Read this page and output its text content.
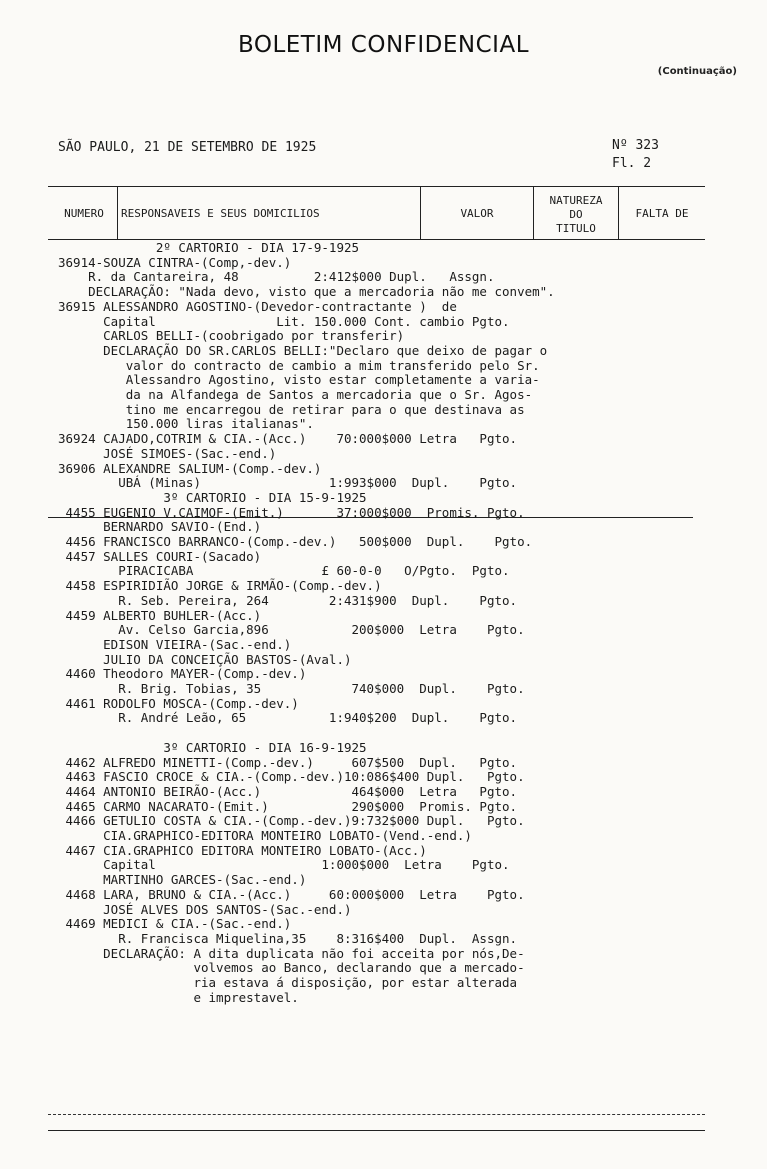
BOLETIM CONFIDENCIAL
(Continuação)
SÃO PAULO, 21 DE SETEMBRO DE 1925	Nº 323
Fl. 2
NUMERO	RESPONSAVEIS E SEUS DOMICILIOS	VALOR
NATUREZA
DO
TITULO
FALTA DE
2º CARTORIO - DIA 17-9-1925
36914-SOUZA CINTRA-(Comp,-dev.)
R. da Cantareira, 48          2:412$000 Dupl.   Assgn.
DECLARAÇÃO: "Nada devo, visto que a mercadoria não me convem".
36915 ALESSANDRO AGOSTINO-(Devedor-contractante )  de
Capital                Lit. 150.000 Cont. cambio Pgto.
CARLOS BELLI-(coobrigado por transferir)
DECLARAÇÃO DO SR.CARLOS BELLI:"Declaro que deixo de pagar o
valor do contracto de cambio a mim transferido pelo Sr.
Alessandro Agostino, visto estar completamente a varia-
da na Alfandega de Santos a mercadoria que o Sr. Agos-
tino me encarregou de retirar para o que destinava as
150.000 liras italianas".
36924 CAJADO,COTRIM & CIA.-(Acc.)    70:000$000 Letra   Pgto.
JOSÉ SIMOES-(Sac.-end.)
36906 ALEXANDRE SALIUM-(Comp.-dev.)
UBÁ (Minas)                 1:993$000  Dupl.    Pgto.
3º CARTORIO - DIA 15-9-1925
4455 EUGENIO V.CAIMOF-(Emit.)       37:000$000  Promis. Pgto.
BERNARDO SAVIO-(End.)
4456 FRANCISCO BARRANCO-(Comp.-dev.)   500$000  Dupl.    Pgto.
4457 SALLES COURI-(Sacado)
PIRACICABA                 £ 60-0-0   O/Pgto.  Pgto.
4458 ESPIRIDIÃO JORGE & IRMÃO-(Comp.-dev.)
R. Seb. Pereira, 264        2:431$900  Dupl.    Pgto.
4459 ALBERTO BUHLER-(Acc.)
Av. Celso Garcia,896           200$000  Letra    Pgto.
EDISON VIEIRA-(Sac.-end.)
JULIO DA CONCEIÇÃO BASTOS-(Aval.)
4460 Theodoro MAYER-(Comp.-dev.)
R. Brig. Tobias, 35            740$000  Dupl.    Pgto.
4461 RODOLFO MOSCA-(Comp.-dev.)
R. André Leão, 65           1:940$200  Dupl.    Pgto.
3º CARTORIO - DIA 16-9-1925
4462 ALFREDO MINETTI-(Comp.-dev.)     607$500  Dupl.   Pgto.
4463 FASCIO CROCE & CIA.-(Comp.-dev.)10:086$400 Dupl.   Pgto.
4464 ANTONIO BEIRÃO-(Acc.)            464$000  Letra   Pgto.
4465 CARMO NACARATO-(Emit.)           290$000  Promis. Pgto.
4466 GETULIO COSTA & CIA.-(Comp.-dev.)9:732$000 Dupl.   Pgto.
CIA.GRAPHICO-EDITORA MONTEIRO LOBATO-(Vend.-end.)
4467 CIA.GRAPHICO EDITORA MONTEIRO LOBATO-(Acc.)
Capital                      1:000$000  Letra    Pgto.
MARTINHO GARCES-(Sac.-end.)
4468 LARA, BRUNO & CIA.-(Acc.)     60:000$000  Letra    Pgto.
JOSÉ ALVES DOS SANTOS-(Sac.-end.)
4469 MEDICI & CIA.-(Sac.-end.)
R. Francisca Miquelina,35    8:316$400  Dupl.  Assgn.
DECLARAÇÃO: A dita duplicata não foi acceita por nós,De-
volvemos ao Banco, declarando que a mercado-
ria estava á disposição, por estar alterada
e imprestavel.
